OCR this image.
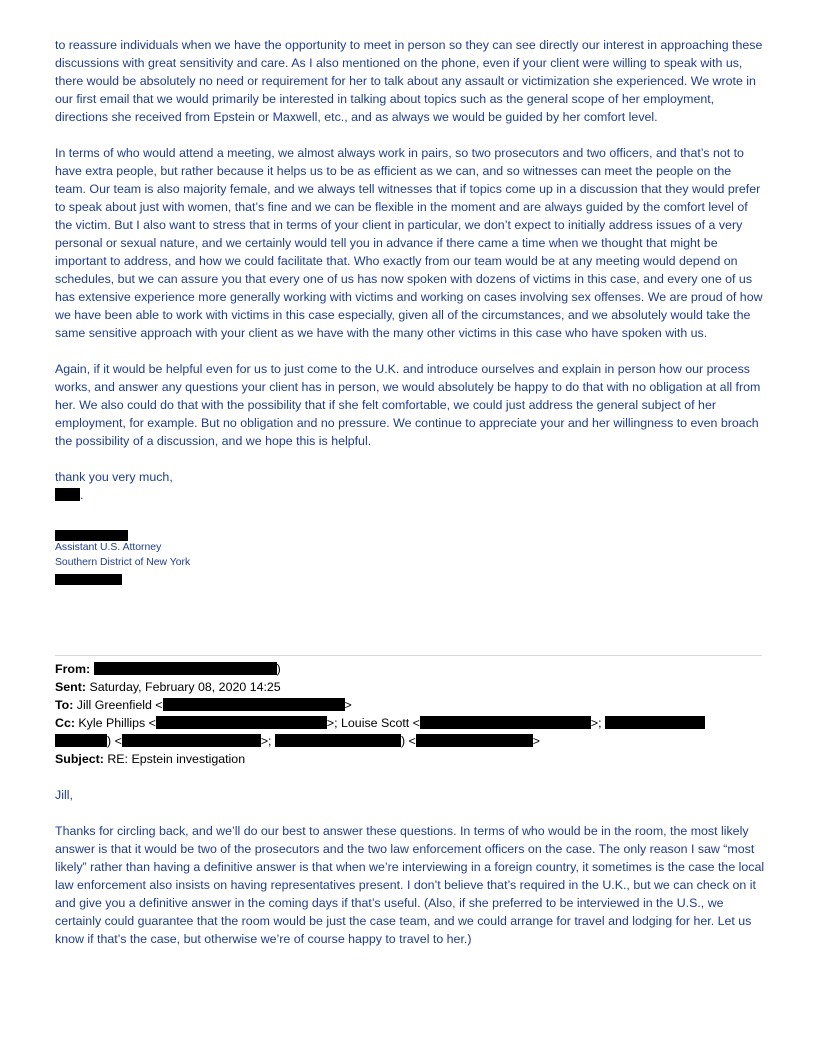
to reassure individuals when we have the opportunity to meet in person so they can see directly our interest in approaching these discussions with great sensitivity and care. As I also mentioned on the phone, even if your client were willing to speak with us, there would be absolutely no need or requirement for her to talk about any assault or victimization she experienced. We wrote in our first email that we would primarily be interested in talking about topics such as the general scope of her employment, directions she received from Epstein or Maxwell, etc., and as always we would be guided by her comfort level.

In terms of who would attend a meeting, we almost always work in pairs, so two prosecutors and two officers, and that’s not to have extra people, but rather because it helps us to be as efficient as we can, and so witnesses can meet the people on the team. Our team is also majority female, and we always tell witnesses that if topics come up in a discussion that they would prefer to speak about just with women, that’s fine and we can be flexible in the moment and are always guided by the comfort level of the victim. But I also want to stress that in terms of your client in particular, we don’t expect to initially address issues of a very personal or sexual nature, and we certainly would tell you in advance if there came a time when we thought that might be important to address, and how we could facilitate that. Who exactly from our team would be at any meeting would depend on schedules, but we can assure you that every one of us has now spoken with dozens of victims in this case, and every one of us has extensive experience more generally working with victims and working on cases involving sex offenses. We are proud of how we have been able to work with victims in this case especially, given all of the circumstances, and we absolutely would take the same sensitive approach with your client as we have with the many other victims in this case who have spoken with us.

Again, if it would be helpful even for us to just come to the U.K. and introduce ourselves and explain in person how our process works, and answer any questions your client has in person, we would absolutely be happy to do that with no obligation at all from her. We also could do that with the possibility that if she felt comfortable, we could just address the general subject of her employment, for example. But no obligation and no pressure. We continue to appreciate your and her willingness to even broach the possibility of a discussion, and we hope this is helpful.

thank you very much,
.
Assistant U.S. Attorney
Southern District of New York
From:	)
Sent: Saturday, February 08, 2020 14:25
To: Jill Greenfield <	>
Cc: Kyle Phillips <	>; Louise Scott <	>;
) <	>;	) <	>
Subject: RE: Epstein investigation

Jill,

Thanks for circling back, and we’ll do our best to answer these questions. In terms of who would be in the room, the most likely answer is that it would be two of the prosecutors and the two law enforcement officers on the case. The only reason I saw “most likely” rather than having a definitive answer is that when we’re interviewing in a foreign country, it sometimes is the case the local law enforcement also insists on having representatives present. I don’t believe that’s required in the U.K., but we can check on it and give you a definitive answer in the coming days if that’s useful. (Also, if she preferred to be interviewed in the U.S., we certainly could guarantee that the room would be just the case team, and we could arrange for travel and lodging for her. Let us know if that’s the case, but otherwise we’re of course happy to travel to her.)
